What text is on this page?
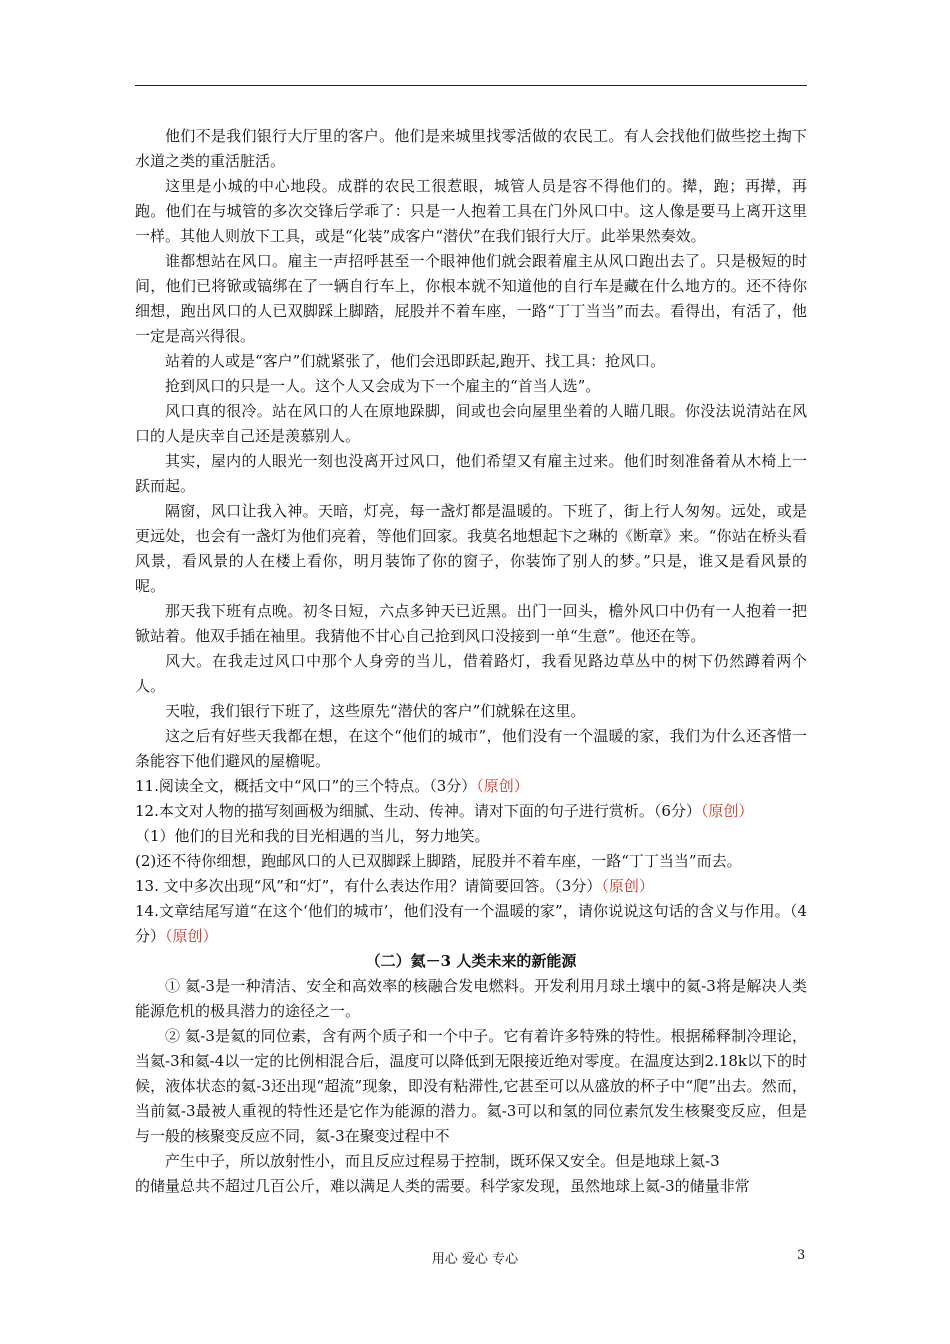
他们不是我们银行大厅里的客户。他们是来城里找零活做的农民工。有人会找他们做些挖土掏下水道之类的重活脏活。

这里是小城的中心地段。成群的农民工很惹眼，城管人员是容不得他们的。撵，跑；再撵，再跑。他们在与城管的多次交锋后学乖了：只是一人抱着工具在门外风口中。这人像是要马上离开这里一样。其他人则放下工具，或是“化装”成客户“潜伏”在我们银行大厅。此举果然奏效。

谁都想站在风口。雇主一声招呼甚至一个眼神他们就会跟着雇主从风口跑出去了。只是极短的时间，他们已将锨或镐绑在了一辆自行车上，你根本就不知道他的自行车是藏在什么地方的。还不待你细想，跑出风口的人已双脚踩上脚踏，屁股并不着车座，一路“丁丁当当”而去。看得出，有活了，他一定是高兴得很。

站着的人或是“客户”们就紧张了，他们会迅即跃起,跑开、找工具：抢风口。

抢到风口的只是一人。这个人又会成为下一个雇主的“首当人选”。

风口真的很冷。站在风口的人在原地跺脚，间或也会向屋里坐着的人瞄几眼。你没法说清站在风口的人是庆幸自己还是羡慕别人。

其实，屋内的人眼光一刻也没离开过风口，他们希望又有雇主过来。他们时刻准备着从木椅上一跃而起。

隔窗，风口让我入神。天暗，灯亮，每一盏灯都是温暖的。下班了，街上行人匆匆。远处，或是更远处，也会有一盏灯为他们亮着，等他们回家。我莫名地想起卞之琳的《断章》来。“你站在桥头看风景，看风景的人在楼上看你，明月装饰了你的窗子，你装饰了别人的梦。”只是，谁又是看风景的呢。

那天我下班有点晚。初冬日短，六点多钟天已近黑。出门一回头，檐外风口中仍有一人抱着一把锨站着。他双手插在袖里。我猜他不甘心自己抢到风口没接到一单“生意”。他还在等。

风大。在我走过风口中那个人身旁的当儿，借着路灯，我看见路边草丛中的树下仍然蹲着两个人。

天啦，我们银行下班了，这些原先“潜伏的客户”们就躲在这里。

这之后有好些天我都在想，在这个“他们的城市”，他们没有一个温暖的家，我们为什么还吝惜一条能容下他们避风的屋檐呢。

11.阅读全文，概括文中“风口”的三个特点。（3分）（原创）

12.本文对人物的描写刻画极为细腻、生动、传神。请对下面的句子进行赏析。（6分）（原创）

（1）他们的目光和我的目光相遇的当儿，努力地笑。

(2)还不待你细想，跑邮风口的人已双脚踩上脚踏，屁股并不着车座，一路“丁丁当当”而去。

13. 文中多次出现“风”和“灯”，有什么表达作用？请简要回答。（3分）（原创）

14.文章结尾写道“在这个‘他们的城市’，他们没有一个温暖的家”，请你说说这句话的含义与作用。（4分）（原创）

（二）氦－3 人类未来的新能源

① 氦-3是一种清洁、安全和高效率的核融合发电燃料。开发利用月球土壤中的氦-3将是解决人类能源危机的极具潜力的途径之一。

② 氦-3是氦的同位素，含有两个质子和一个中子。它有着许多特殊的特性。根据稀释制冷理论，当氦-3和氦-4以一定的比例相混合后，温度可以降低到无限接近绝对零度。在温度达到2.18k以下的时候，液体状态的氦-3还出现“超流”现象，即没有粘滞性,它甚至可以从盛放的杯子中“爬”出去。然而，当前氦-3最被人重视的特性还是它作为能源的潜力。氦-3可以和氢的同位素氘发生核聚变反应，但是与一般的核聚变反应不同，氦-3在聚变过程中不

产生中子，所以放射性小，而且反应过程易于控制，既环保又安全。但是地球上氦-3

的储量总共不超过几百公斤，难以满足人类的需要。科学家发现，虽然地球上氦-3的储量非常

用心 爱心 专心	3
